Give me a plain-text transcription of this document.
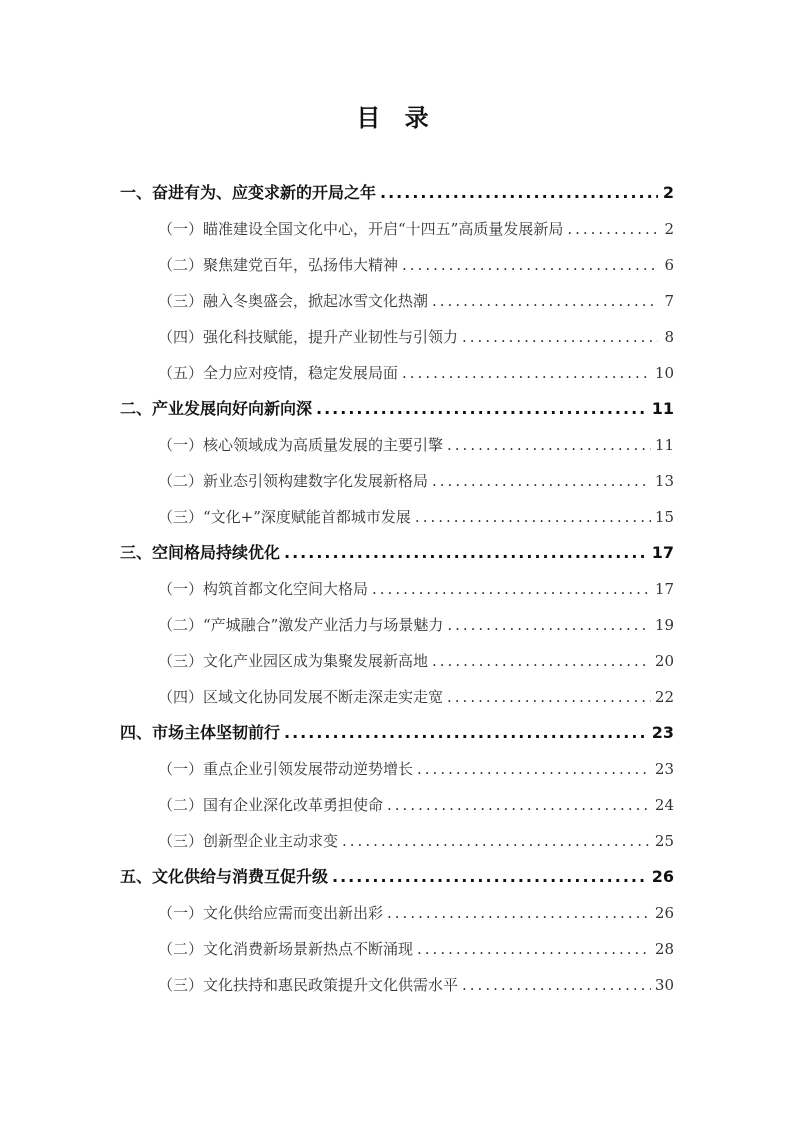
目 录
一、奋进有为、应变求新的开局之年 .....	2
（一）瞄准建设全国文化中心，开启“十四五”高质量发展新局 .....	2
（二）聚焦建党百年，弘扬伟大精神 .....	6
（三）融入冬奥盛会，掀起冰雪文化热潮 .....	7
（四）强化科技赋能，提升产业韧性与引领力 .....	8
（五）全力应对疫情，稳定发展局面 .....	10
二、产业发展向好向新向深 .....	11
（一）核心领域成为高质量发展的主要引擎 .....	11
（二）新业态引领构建数字化发展新格局 .....	13
（三）“文化+”深度赋能首都城市发展 .....	15
三、空间格局持续优化 .....	17
（一）构筑首都文化空间大格局 .....	17
（二）“产城融合”激发产业活力与场景魅力 .....	19
（三）文化产业园区成为集聚发展新高地 .....	20
（四）区域文化协同发展不断走深走实走宽 .....	22
四、市场主体坚韧前行 .....	23
（一）重点企业引领发展带动逆势增长 .....	23
（二）国有企业深化改革勇担使命 .....	24
（三）创新型企业主动求变 .....	25
五、文化供给与消费互促升级 .....	26
（一）文化供给应需而变出新出彩 .....	26
（二）文化消费新场景新热点不断涌现 .....	28
（三）文化扶持和惠民政策提升文化供需水平 .....	30
